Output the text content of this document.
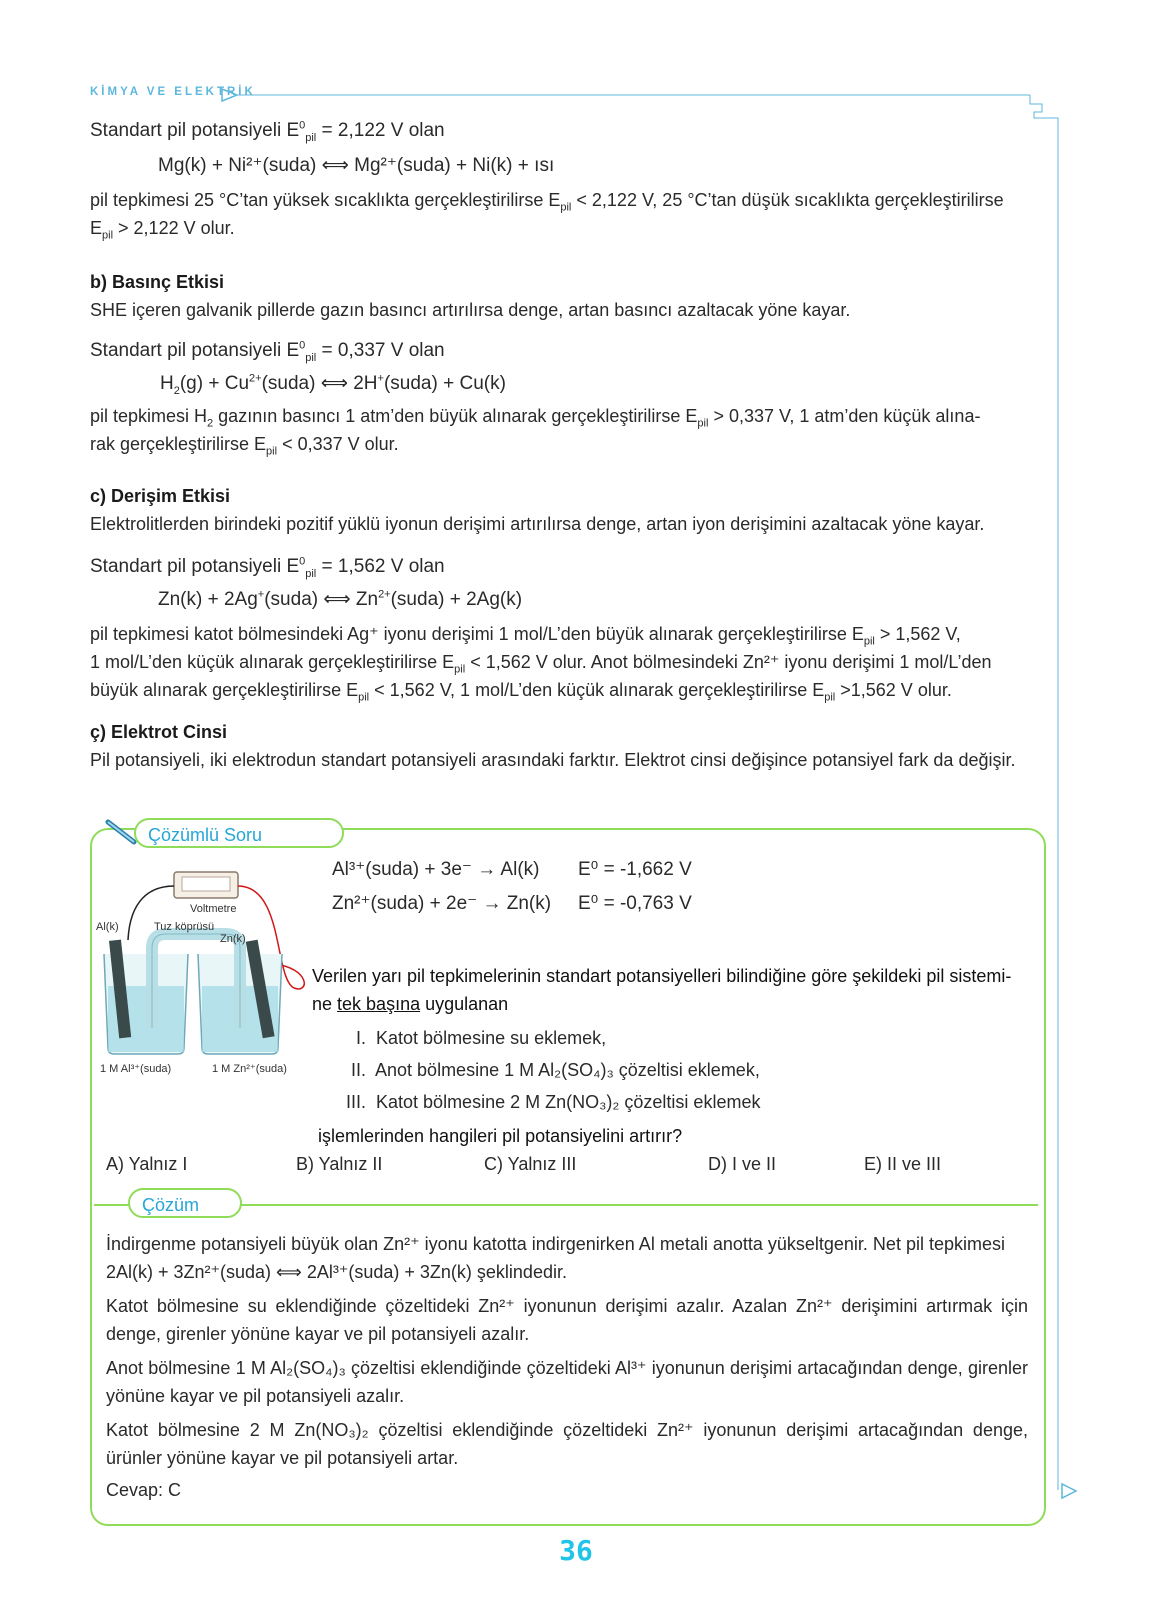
KİMYA VE ELEKTRİK
Standart pil potansiyeli $E^0_{pil} = 2,122$ V olan
Mg(k) + Ni²⁺(suda) ⟺ Mg²⁺(suda) + Ni(k) + ısı
pil tepkimesi 25 °C’tan yüksek sıcaklıkta gerçekleştirilirse $E_{pil} < 2,122$ V, 25 °C’tan düşük sıcaklıkta gerçekleştirilirse
$E_{pil} > 2,122$ V olur.
b) Basınç Etkisi
SHE içeren galvanik pillerde gazın basıncı artırılırsa denge, artan basıncı azaltacak yöne kayar.
Standart pil potansiyeli $E^0_{pil} = 0,337$ V olan
$H_2(g)$ + $Cu^{2+}(suda)$ ⟺ 2H+(suda) + Cu(k)
pil tepkimesi $H_2$ gazının basıncı 1 atm’den büyük alınarak gerçekleştirilirse $E_{pil} > 0,337$ V, 1 atm’den küçük alına-
rak gerçekleştirilirse $E_{pil} < 0,337$ V olur.
c) Derişim Etkisi
Elektrolitlerden birindeki pozitif yüklü iyonun derişimi artırılırsa denge, artan iyon derişimini azaltacak yöne kayar.
Standart pil potansiyeli $E^0_{pil} = 1,562$ V olan
Zn(k) + 2Ag+(suda) ⟺ $Zn^{2+}(suda) + 2Ag(k)$
pil tepkimesi katot bölmesindeki Ag⁺ iyonu derişimi 1 mol/L’den büyük alınarak gerçekleştirilirse $E_{pil} > 1,562$ V,
1 mol/L’den küçük alınarak gerçekleştirilirse $E_{pil} < 1,562$ V olur. Anot bölmesindeki Zn²⁺ iyonu derişimi 1 mol/L’den
büyük alınarak gerçekleştirilirse $E_{pil} < 1,562$ V, 1 mol/L’den küçük alınarak gerçekleştirilirse $E_{pil} >1,562$ V olur.
ç) Elektrot Cinsi
Pil potansiyeli, iki elektrodun standart potansiyeli arasındaki farktır. Elektrot cinsi değişince potansiyel fark da değişir.
Çözümlü Soru
Al³⁺(suda) + 3e⁻ → Al(k) E⁰ = -1,662 V
Zn²⁺(suda) + 2e⁻ → Zn(k) E⁰ = -0,763 V
Voltmetre
Tuz köprüsü
Al(k)
Zn(k)
1 M Al³⁺(suda)	1 M Zn²⁺(suda)
Verilen yarı pil tepkimelerinin standart potansiyelleri bilindiğine göre şekildeki pil sistemi-
ne tek başına uygulanan
I. Katot bölmesine su eklemek,
II. Anot bölmesine 1 M Al₂(SO₄)₃ çözeltisi eklemek,
III. Katot bölmesine 2 M Zn(NO₃)₂ çözeltisi eklemek
işlemlerinden hangileri pil potansiyelini artırır?
A) Yalnız I	B) Yalnız II	C) Yalnız III	D) I ve II	E) II ve III
Çözüm
İndirgenme potansiyeli büyük olan Zn²⁺ iyonu katotta indirgenirken Al metali anotta yükseltgenir. Net pil tepkimesi
2Al(k) + 3Zn²⁺(suda) ⟺ 2Al³⁺(suda) + 3Zn(k) şeklindedir.
Katot bölmesine su eklendiğinde çözeltideki Zn²⁺ iyonunun derişimi azalır. Azalan Zn²⁺ derişimini artırmak için denge, girenler yönüne kayar ve pil potansiyeli azalır.
Anot bölmesine 1 M Al₂(SO₄)₃ çözeltisi eklendiğinde çözeltideki Al³⁺ iyonunun derişimi artacağından denge, girenler yönüne kayar ve pil potansiyeli azalır.
Katot bölmesine 2 M Zn(NO₃)₂ çözeltisi eklendiğinde çözeltideki Zn²⁺ iyonunun derişimi artacağından denge, ürünler yönüne kayar ve pil potansiyeli artar.
Cevap: C
36
